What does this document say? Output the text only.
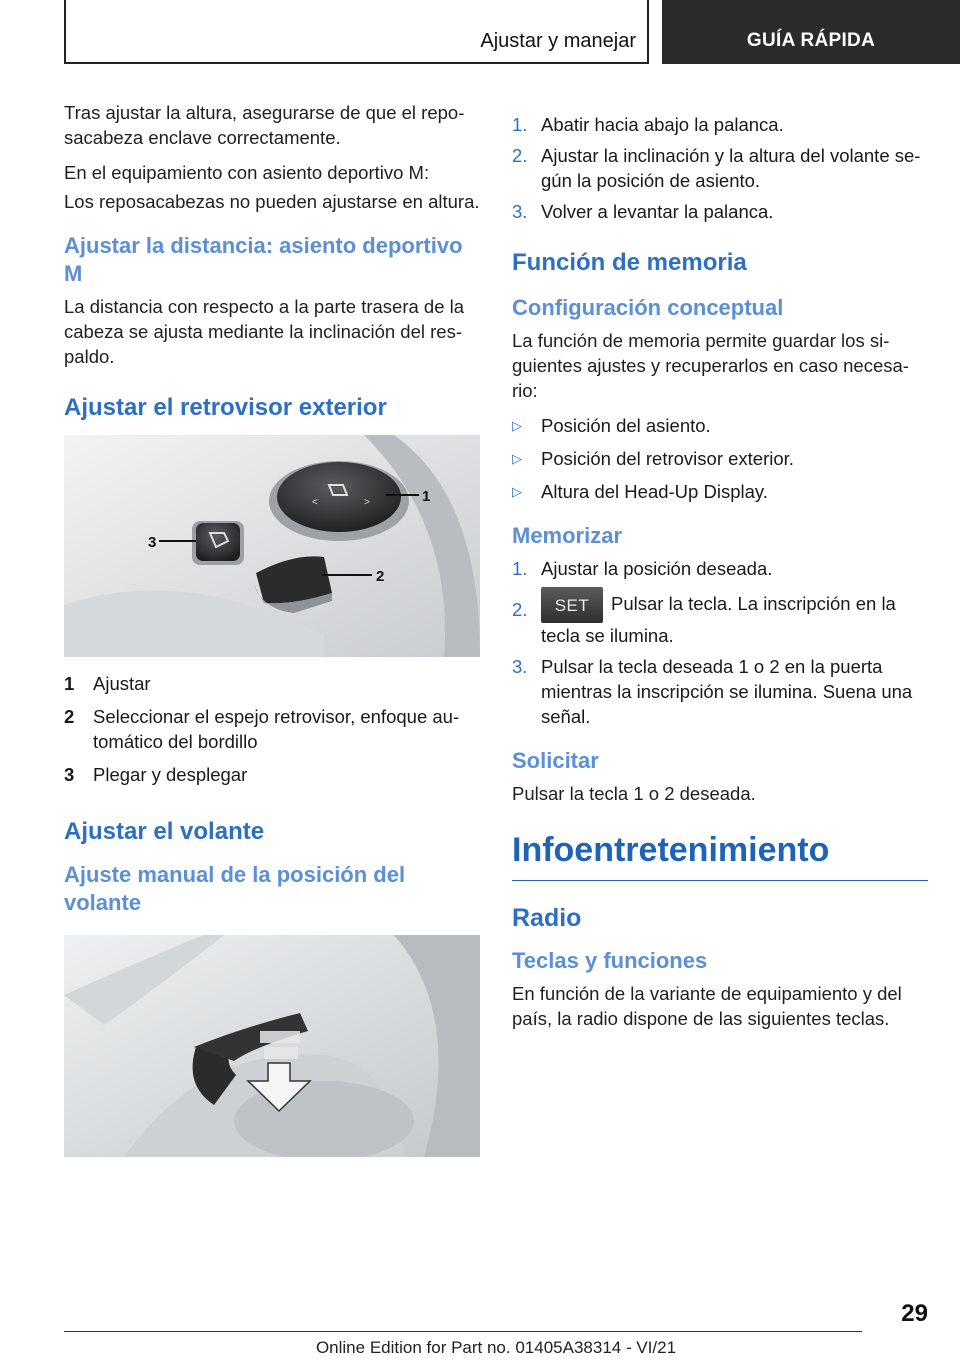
Ajustar y manejar	GUÍA RÁPIDA

Tras ajustar la altura, asegurarse de que el reposacabeza enclave correctamente.

En el equipamiento con asiento deportivo M:

Los reposacabezas no pueden ajustarse en altura.

Ajustar la distancia: asiento deportivo M

La distancia con respecto a la parte trasera de la cabeza se ajusta mediante la inclinación del respaldo.

Ajustar el retrovisor exterior
<	>	1
2
3
1	Ajustar
2	Seleccionar el espejo retrovisor, enfoque automático del bordillo
3	Plegar y desplegar
Ajustar el volante
Ajuste manual de la posición del volante
1. Abatir hacia abajo la palanca.
2. Ajustar la inclinación y la altura del volante según la posición de asiento.
3. Volver a levantar la palanca.
Función de memoria
Configuración conceptual

La función de memoria permite guardar los siguientes ajustes y recuperarlos en caso necesario:

▷	Posición del asiento.
▷	Posición del retrovisor exterior.
▷	Altura del Head-Up Display.
Memorizar
1. Ajustar la posición deseada.
2.	SET Pulsar la tecla. La inscripción en la tecla se ilumina.
3. Pulsar la tecla deseada 1 o 2 en la puerta mientras la inscripción se ilumina. Suena una señal.
Solicitar

Pulsar la tecla 1 o 2 deseada.

Infoentretenimiento
Radio
Teclas y funciones

En función de la variante de equipamiento y del país, la radio dispone de las siguientes teclas.

29
Online Edition for Part no. 01405A38314 - VI/21
